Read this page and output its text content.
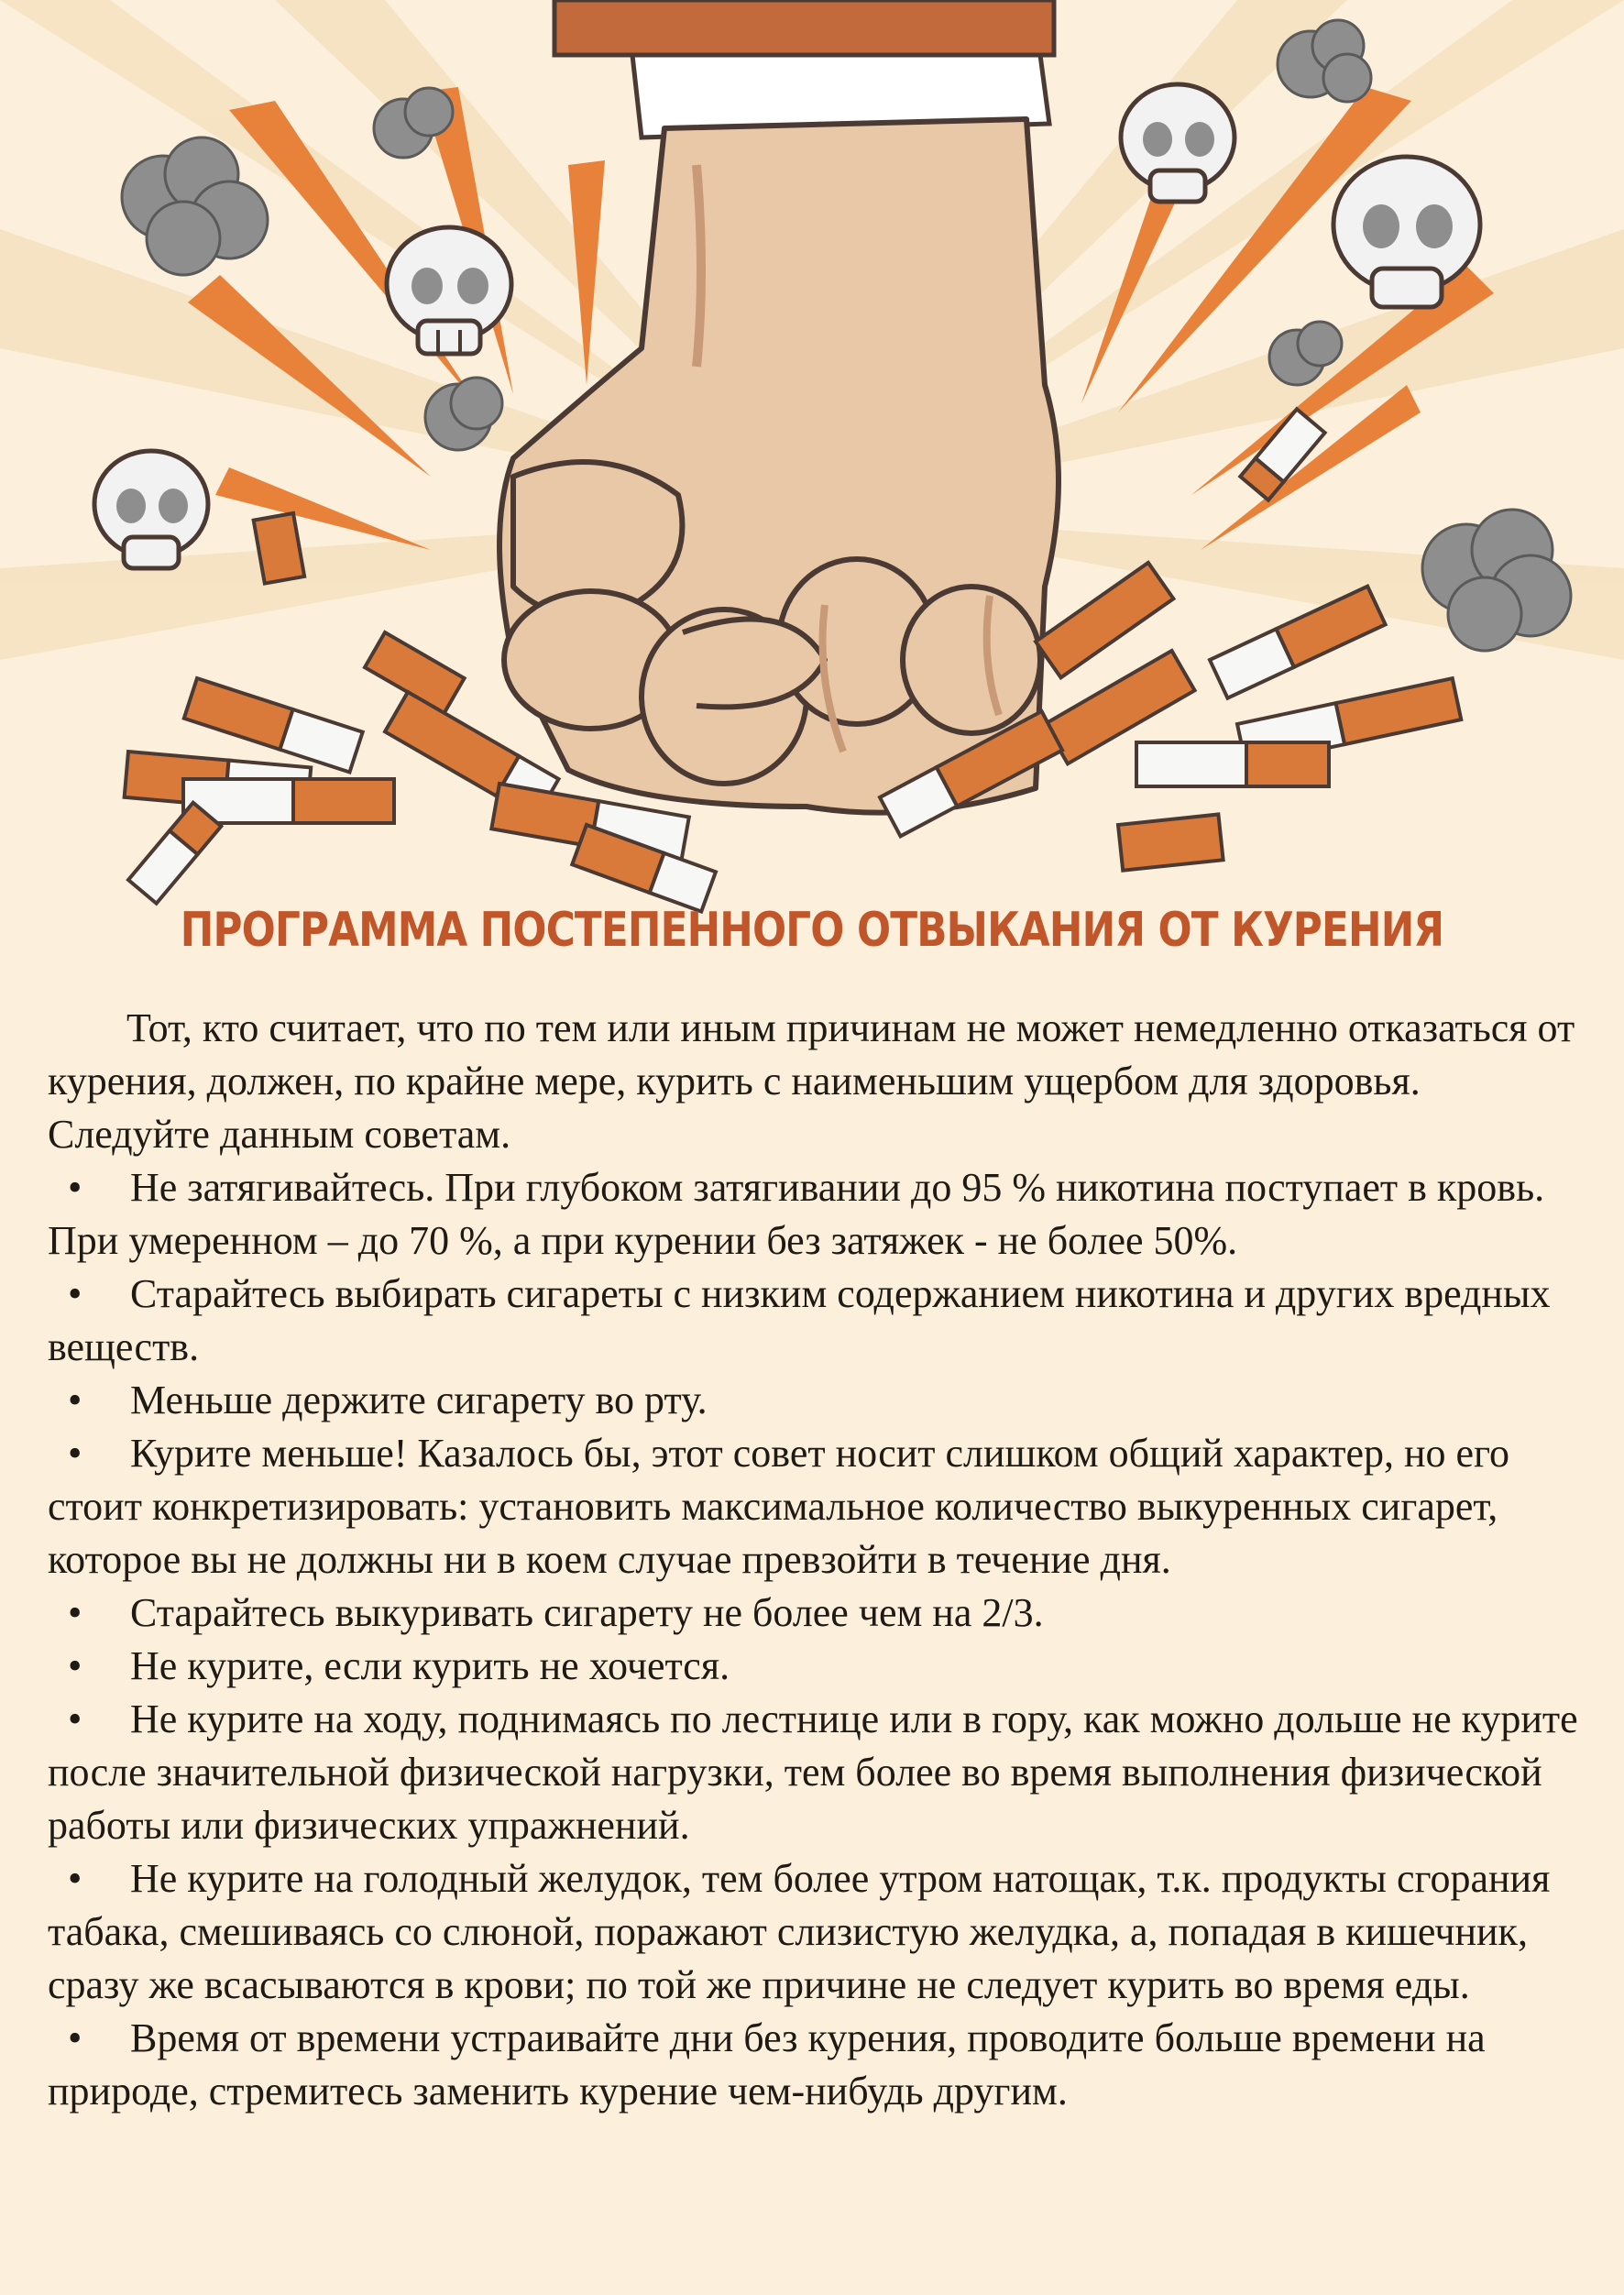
ПРОГРАММА ПОСТЕПЕННОГО ОТВЫКАНИЯ ОТ КУРЕНИЯ

Тот, кто считает, что по тем или иным причинам не может немедленно отказаться от курения, должен, по крайне мере, курить с наименьшим ущербом для здоровья. Следуйте данным советам.

• Не затягивайтесь. При глубоком затягивании до 95 % никотина поступает в кровь. При умеренном – до 70 %, а при курении без затяжек - не более 50%.
• Старайтесь выбирать сигареты с низким содержанием никотина и других вредных веществ.
• Меньше держите сигарету во рту.
• Курите меньше! Казалось бы, этот совет носит слишком общий характер, но его стоит конкретизировать: установить максимальное количество выкуренных сигарет, которое вы не должны ни в коем случае превзойти в течение дня.
• Старайтесь выкуривать сигарету не более чем на 2/3.
• Не курите, если курить не хочется.
• Не курите на ходу, поднимаясь по лестнице или в гору, как можно дольше не курите после значительной физической нагрузки, тем более во время выполнения физической работы или физических упражнений.
• Не курите на голодный желудок, тем более утром натощак, т.к. продукты сгорания табака, смешиваясь со слюной, поражают слизистую желудка, а, попадая в кишечник, сразу же всасываются в крови; по той же причине не следует курить во время еды.
• Время от времени устраивайте дни без курения, проводите больше времени на природе, стремитесь заменить курение чем-нибудь другим.
